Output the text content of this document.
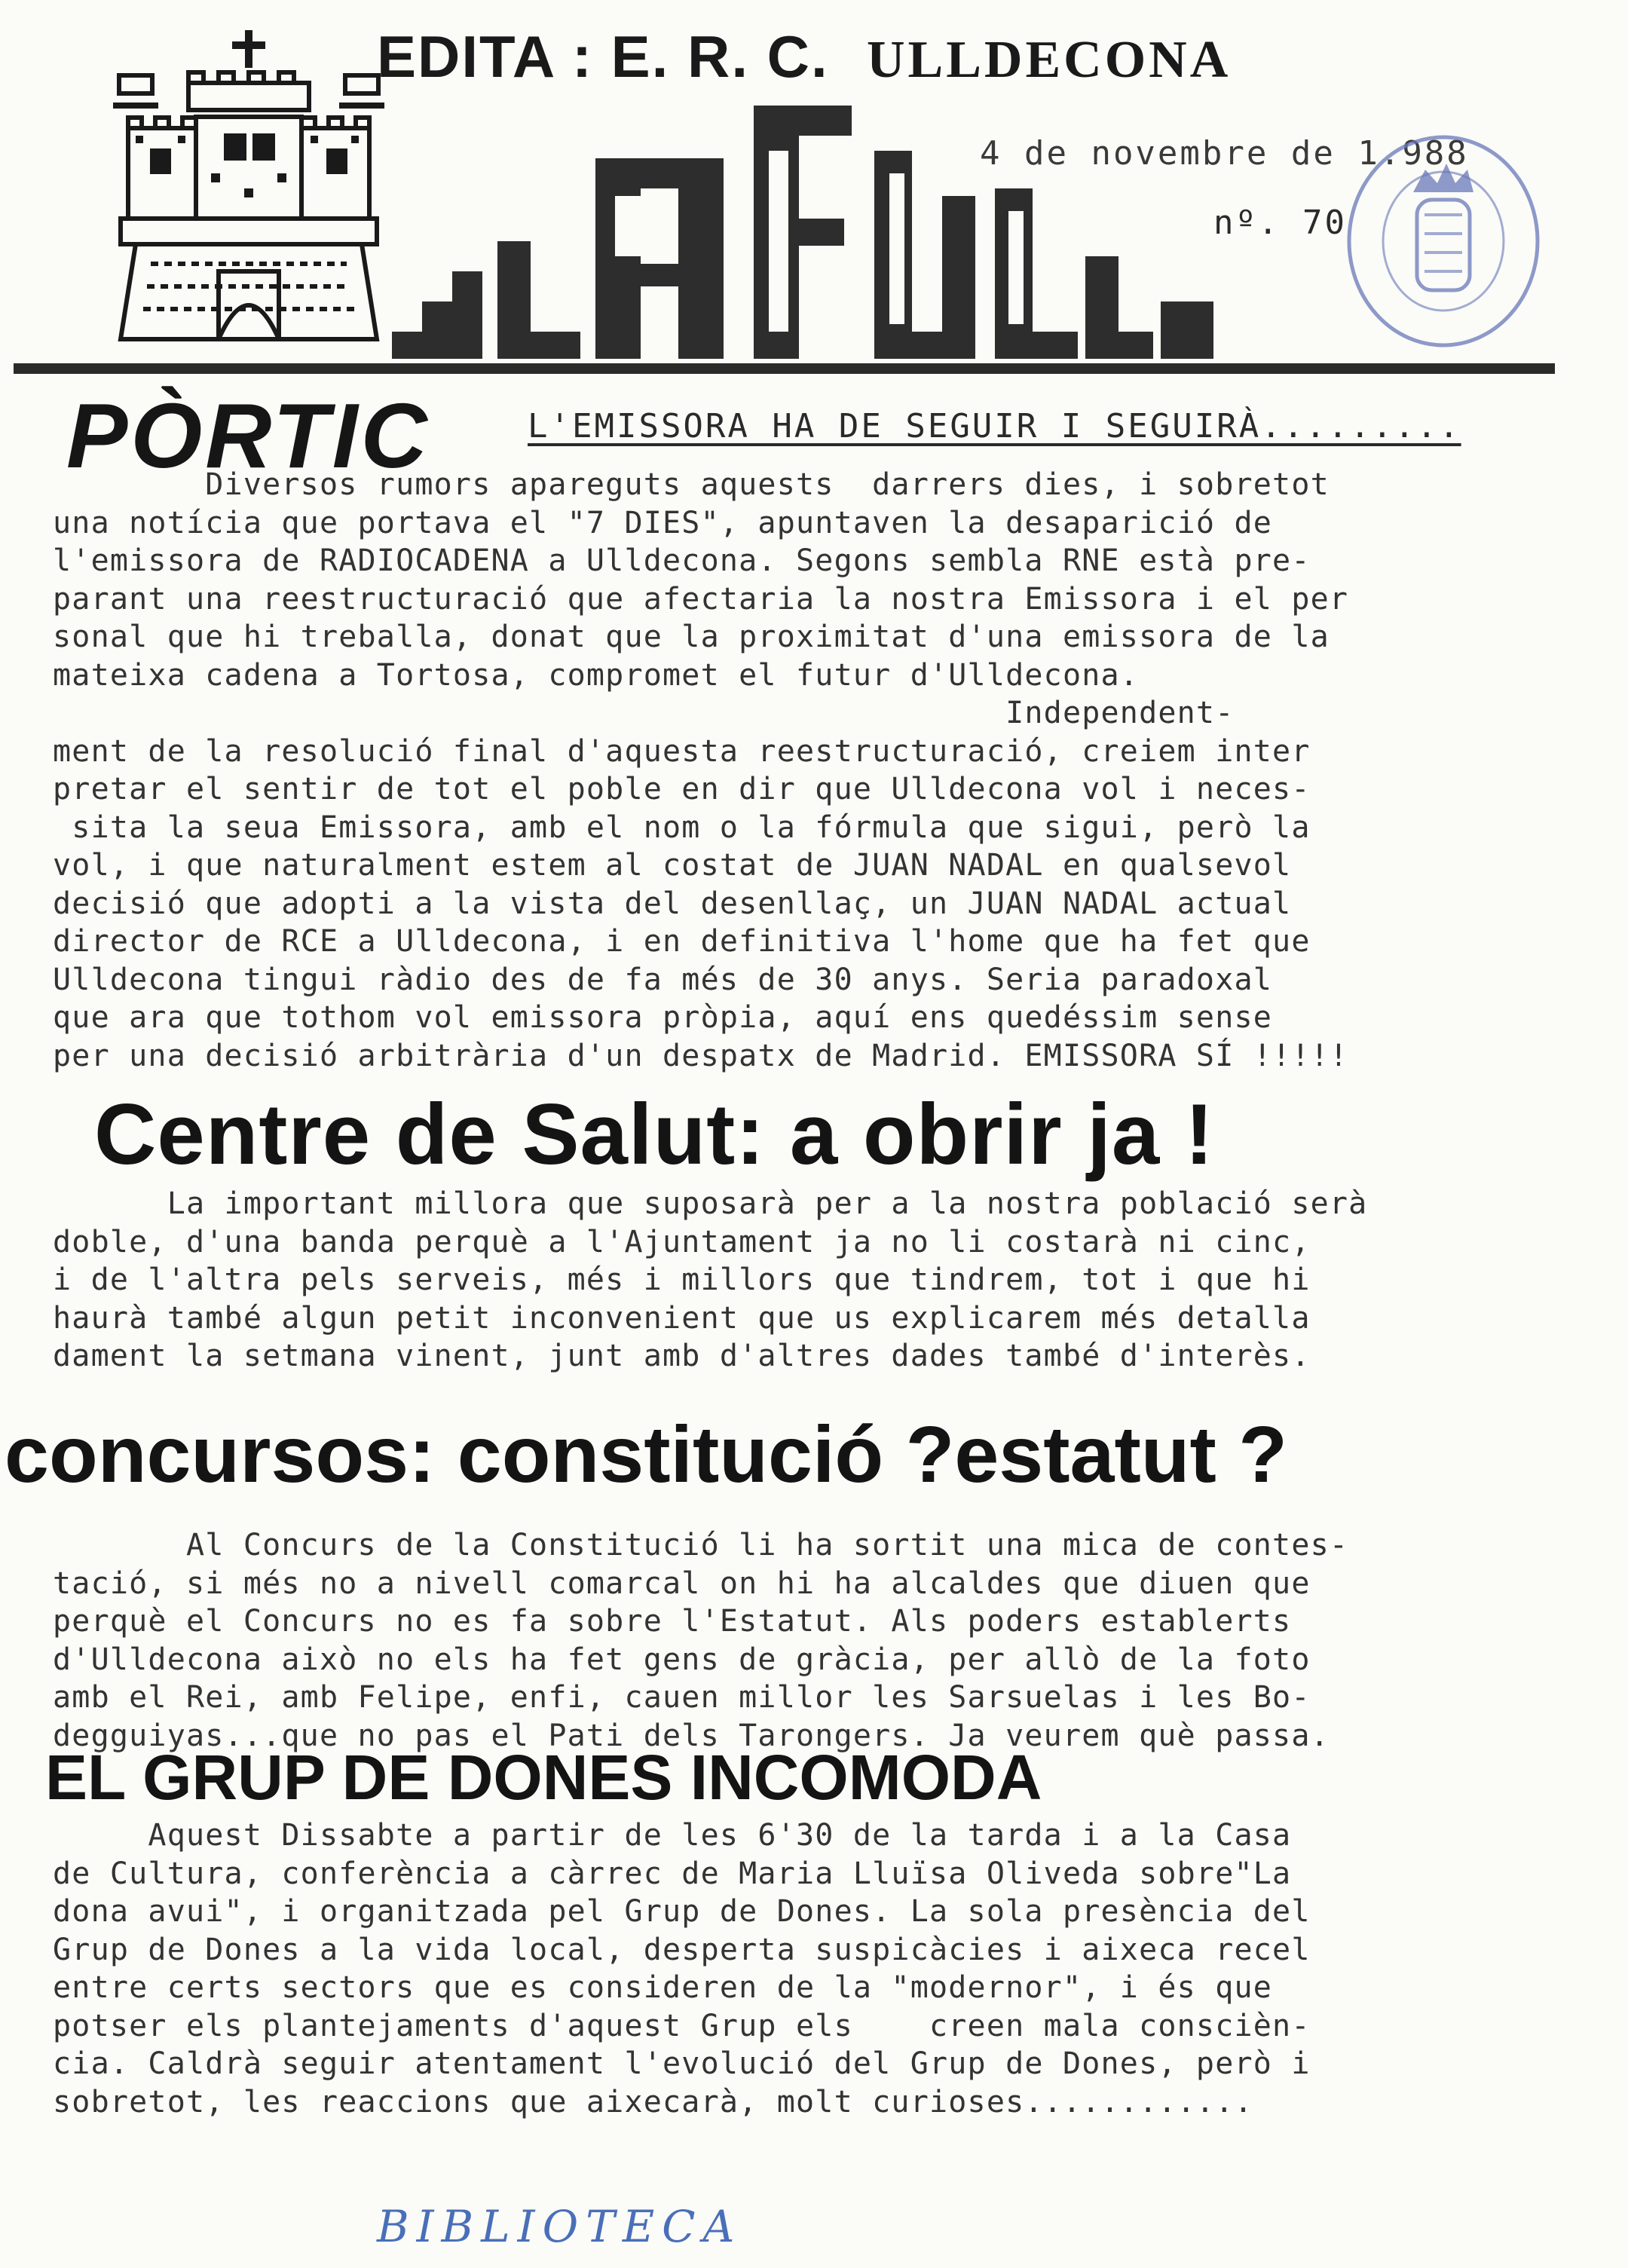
EDITA : E. R. C. ULLDECONA
4 de novembre de 1.988
nº. 70
PÒRTIC	L'EMISSORA HA DE SEGUIR I SEGUIRÀ.........
Diversos rumors apareguts aquests  darrers dies, i sobretot
una notícia que portava el "7 DIES", apuntaven la desaparició de
l'emissora de RADIOCADENA a Ulldecona. Segons sembla RNE està pre-
parant una reestructuració que afectaria la nostra Emissora i el per
sonal que hi treballa, donat que la proximitat d'una emissora de la
mateixa cadena a Tortosa, compromet el futur d'Ulldecona.
Independent-
ment de la resolució final d'aquesta reestructuració, creiem inter
pretar el sentir de tot el poble en dir que Ulldecona vol i neces-
sita la seua Emissora, amb el nom o la fórmula que sigui, però la
vol, i que naturalment estem al costat de JUAN NADAL en qualsevol
decisió que adopti a la vista del desenllaç, un JUAN NADAL actual
director de RCE a Ulldecona, i en definitiva l'home que ha fet que
Ulldecona tingui ràdio des de fa més de 30 anys. Seria paradoxal
que ara que tothom vol emissora pròpia, aquí ens quedéssim sense
per una decisió arbitrària d'un despatx de Madrid. EMISSORA SÍ !!!!!
Centre de Salut: a obrir ja !
La important millora que suposarà per a la nostra població serà
doble, d'una banda perquè a l'Ajuntament ja no li costarà ni cinc,
i de l'altra pels serveis, més i millors que tindrem, tot i que hi
haurà també algun petit inconvenient que us explicarem més detalla
dament la setmana vinent, junt amb d'altres dades també d'interès.
concursos: constitució ?estatut ?
Al Concurs de la Constitució li ha sortit una mica de contes-
tació, si més no a nivell comarcal on hi ha alcaldes que diuen que
perquè el Concurs no es fa sobre l'Estatut. Als poders establerts
d'Ulldecona això no els ha fet gens de gràcia, per allò de la foto
amb el Rei, amb Felipe, enfi, cauen millor les Sarsuelas i les Bo-
degguiyas...que no pas el Pati dels Tarongers. Ja veurem què passa.
EL GRUP DE DONES INCOMODA
Aquest Dissabte a partir de les 6'30 de la tarda i a la Casa
de Cultura, conferència a càrrec de Maria Lluïsa Oliveda sobre"La
dona avui", i organitzada pel Grup de Dones. La sola presència del
Grup de Dones a la vida local, desperta suspicàcies i aixeca recel
entre certs sectors que es consideren de la "modernor", i és que
potser els plantejaments d'aquest Grup els    creen mala conscièn-
cia. Caldrà seguir atentament l'evolució del Grup de Dones, però i
sobretot, les reaccions que aixecarà, molt curioses............
BIBLIOTECA
